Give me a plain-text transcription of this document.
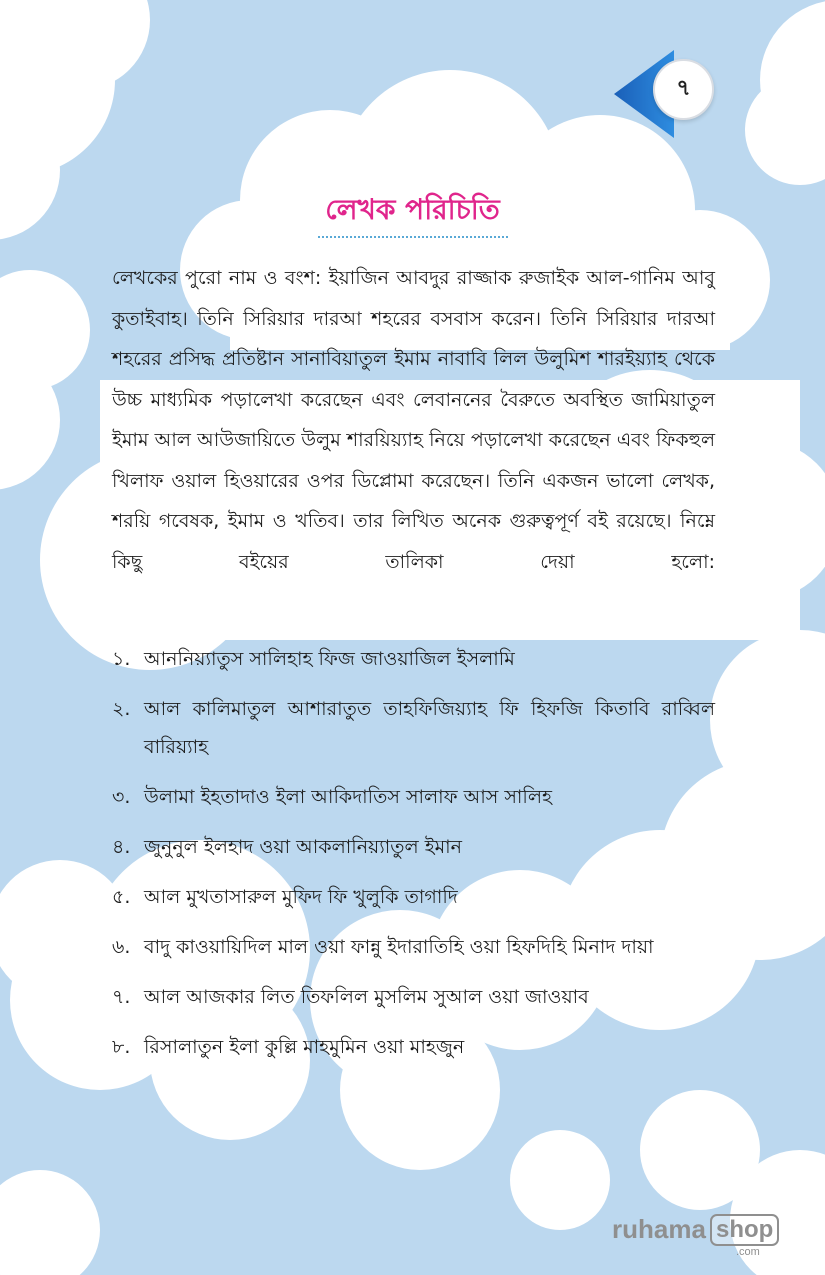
৭
লেখক পরিচিতি
লেখকের পুরো নাম ও বংশ: ইয়াজিন আবদুর রাজ্জাক রুজাইক আল-গানিম আবু কুতাইবাহ। তিনি সিরিয়ার দারআ শহরের বসবাস করেন। তিনি সিরিয়ার দারআ শহরের প্রসিদ্ধ প্রতিষ্টান সানাবিয়াতুল ইমাম নাবাবি লিল উলুমিশ শারইয়্যাহ থেকে উচ্চ মাধ্যমিক পড়ালেখা করেছেন এবং লেবাননের বৈরুতে অবস্থিত জামিয়াতুল ইমাম আল আউজায়িতে উলুম শারয়িয়্যাহ নিয়ে পড়ালেখা করেছেন এবং ফিকহুল খিলাফ ওয়াল হিওয়ারের ওপর ডিপ্লোমা করেছেন। তিনি একজন ভালো লেখক, শরয়ি গবেষক, ইমাম ও খতিব। তার লিখিত অনেক গুরুত্বপূর্ণ বই রয়েছে। নিম্নে কিছু বইয়ের তালিকা দেয়া হলো:
১. আননিয়্যাতুস সালিহাহ ফিজ জাওয়াজিল ইসলামি
২. আল কালিমাতুল আশারাতুত তাহফিজিয়্যাহ ফি হিফজি কিতাবি রাব্বিল বারিয়্যাহ
৩. উলামা ইহতাদাও ইলা আকিদাতিস সালাফ আস সালিহ
৪. জুনুনুল ইলহাদ ওয়া আকলানিয়্যাতুল ইমান
৫. আল মুখতাসারুল মুফিদ ফি খুলুকি তাগাদি
৬. বাদু কাওয়ায়িদিল মাল ওয়া ফান্নু ইদারাতিহি ওয়া হিফদিহি মিনাদ দায়া
৭. আল আজকার লিত তিফলিল মুসলিম সুআল ওয়া জাওয়াব
৮. রিসালাতুন ইলা কুল্লি মাহমুমিন ওয়া মাহজুন
ruhama shop
.com
